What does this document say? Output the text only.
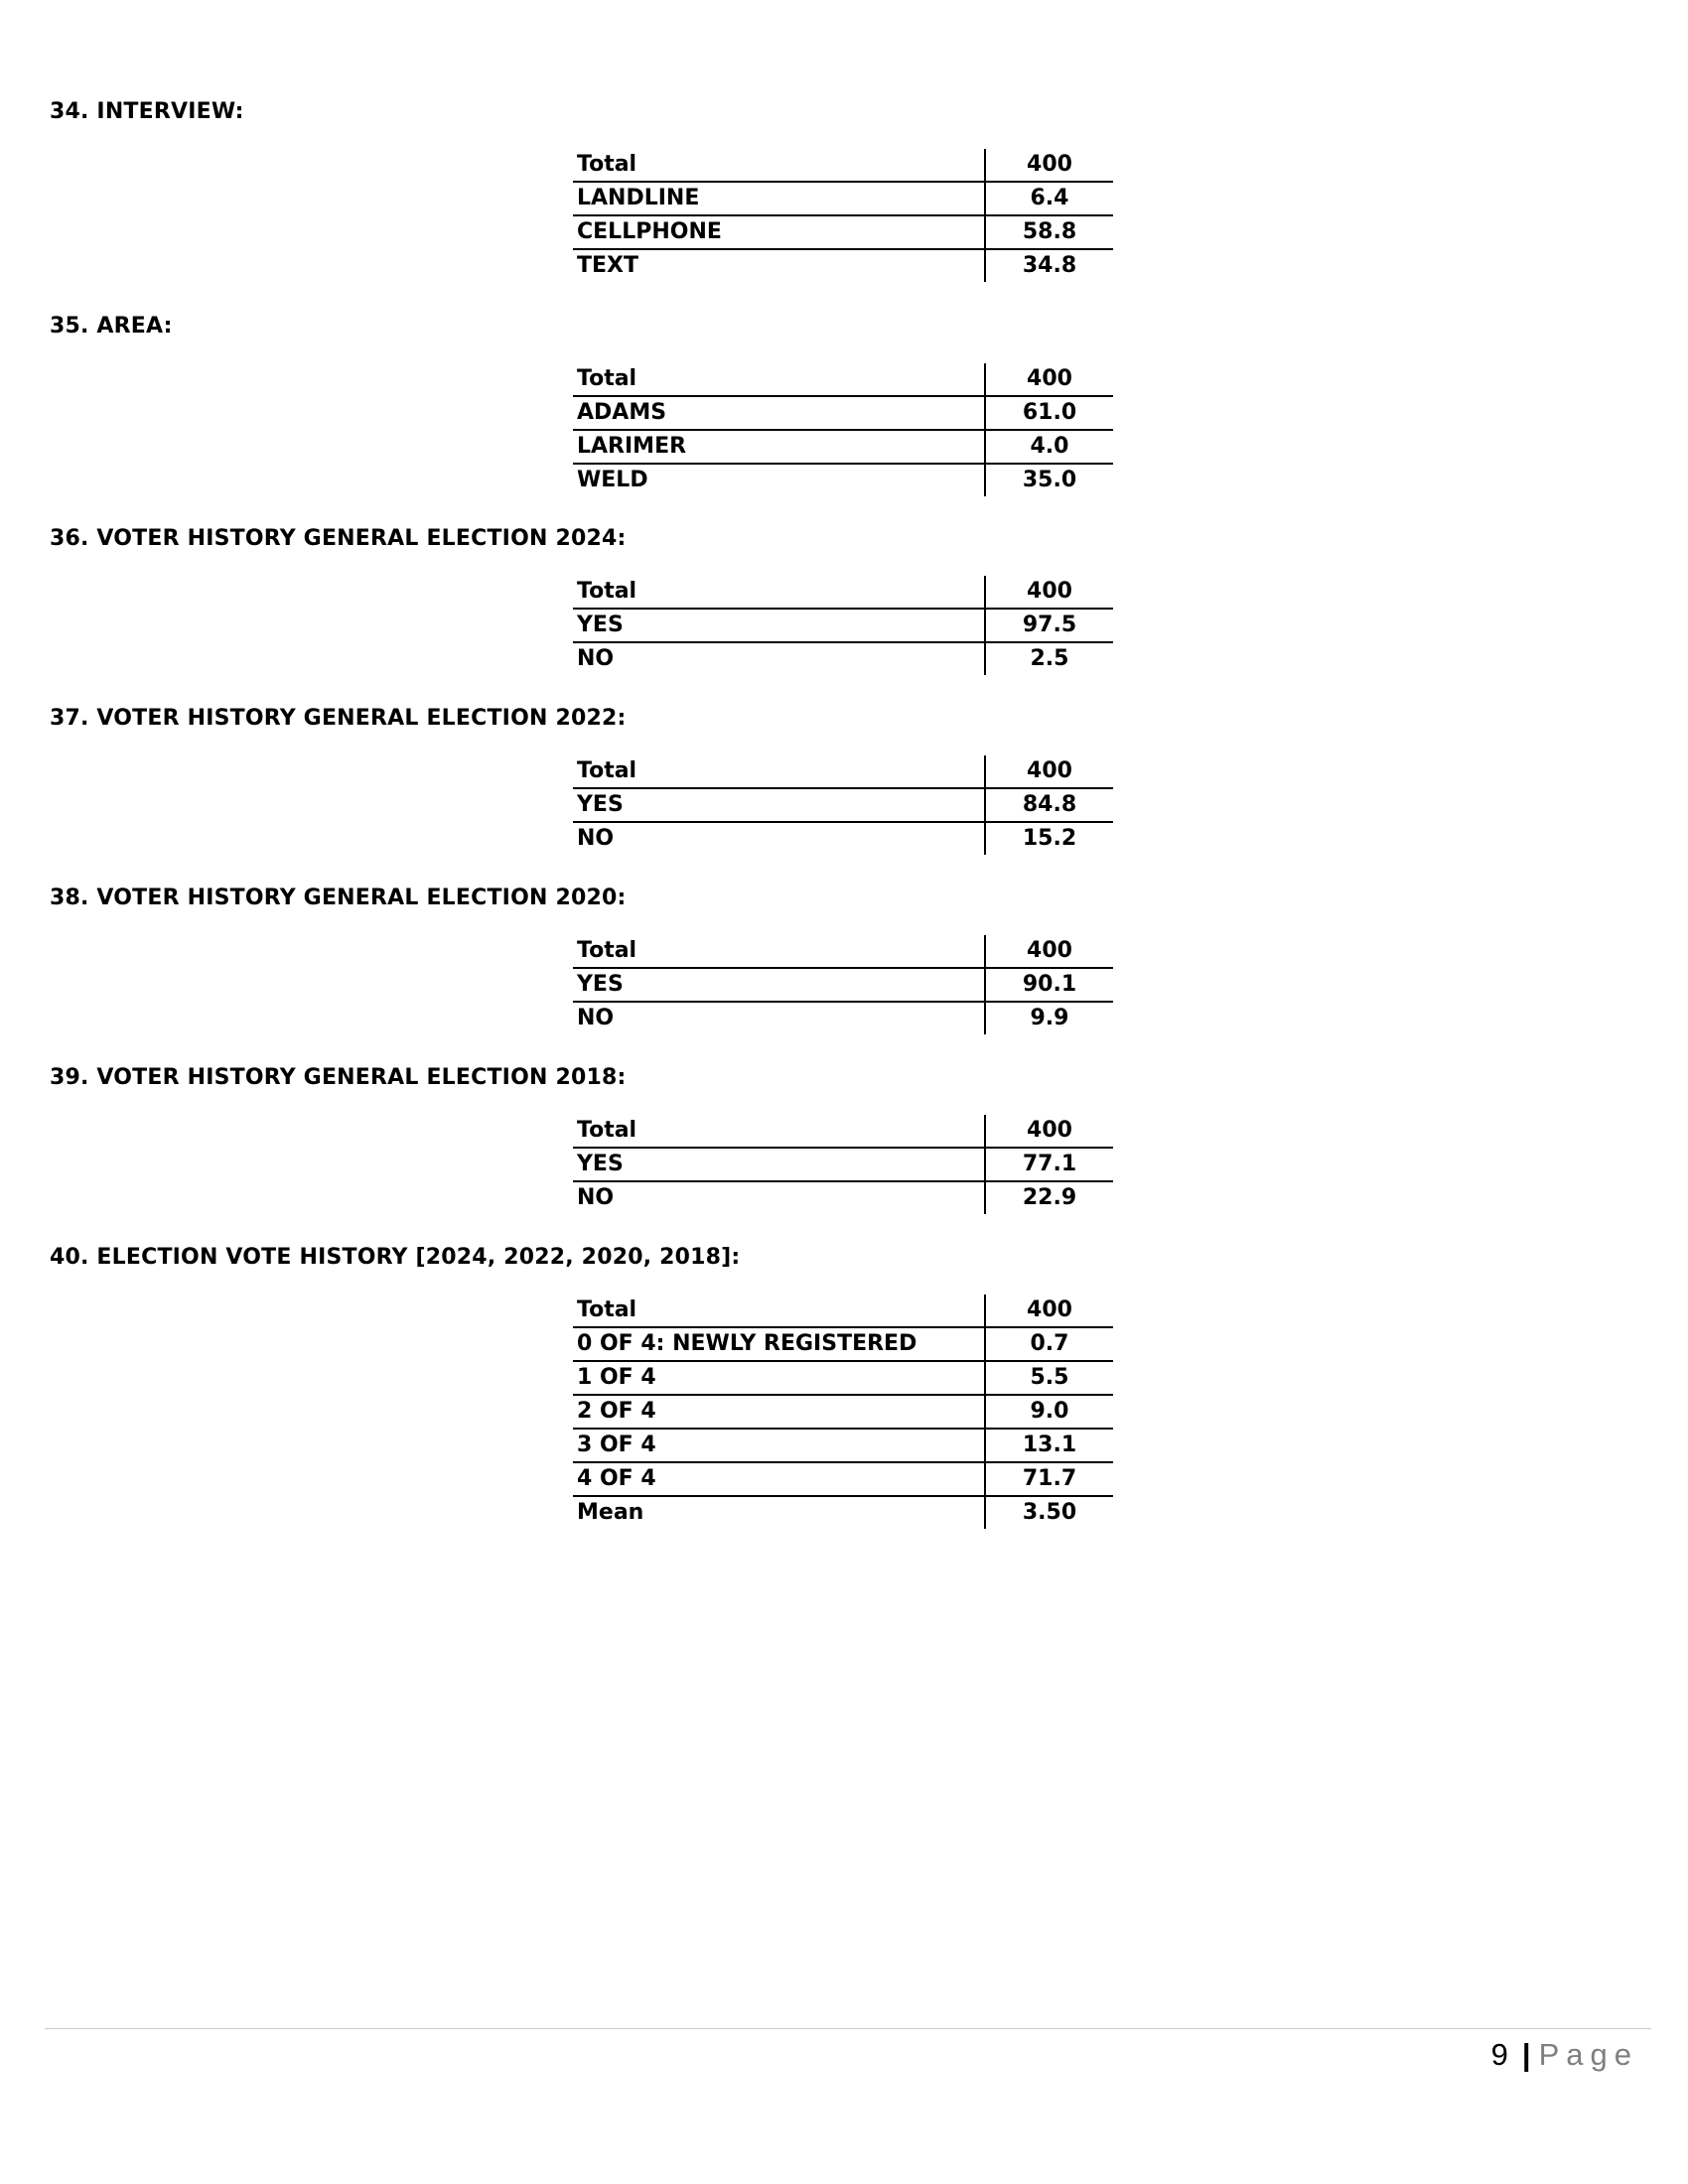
34. INTERVIEW:
Total	400
LANDLINE	6.4
CELLPHONE	58.8
TEXT	34.8
35. AREA:
Total	400
ADAMS	61.0
LARIMER	4.0
WELD	35.0
36. VOTER HISTORY GENERAL ELECTION 2024:
Total	400
YES	97.5
NO	2.5
37. VOTER HISTORY GENERAL ELECTION 2022:
Total	400
YES	84.8
NO	15.2
38. VOTER HISTORY GENERAL ELECTION 2020:
Total	400
YES	90.1
NO	9.9
39. VOTER HISTORY GENERAL ELECTION 2018:
Total	400
YES	77.1
NO	22.9
40. ELECTION VOTE HISTORY [2024, 2022, 2020, 2018]:
Total	400
0 OF 4: NEWLY REGISTERED	0.7
1 OF 4	5.5
2 OF 4	9.0
3 OF 4	13.1
4 OF 4	71.7
Mean	3.50
9 | Page
